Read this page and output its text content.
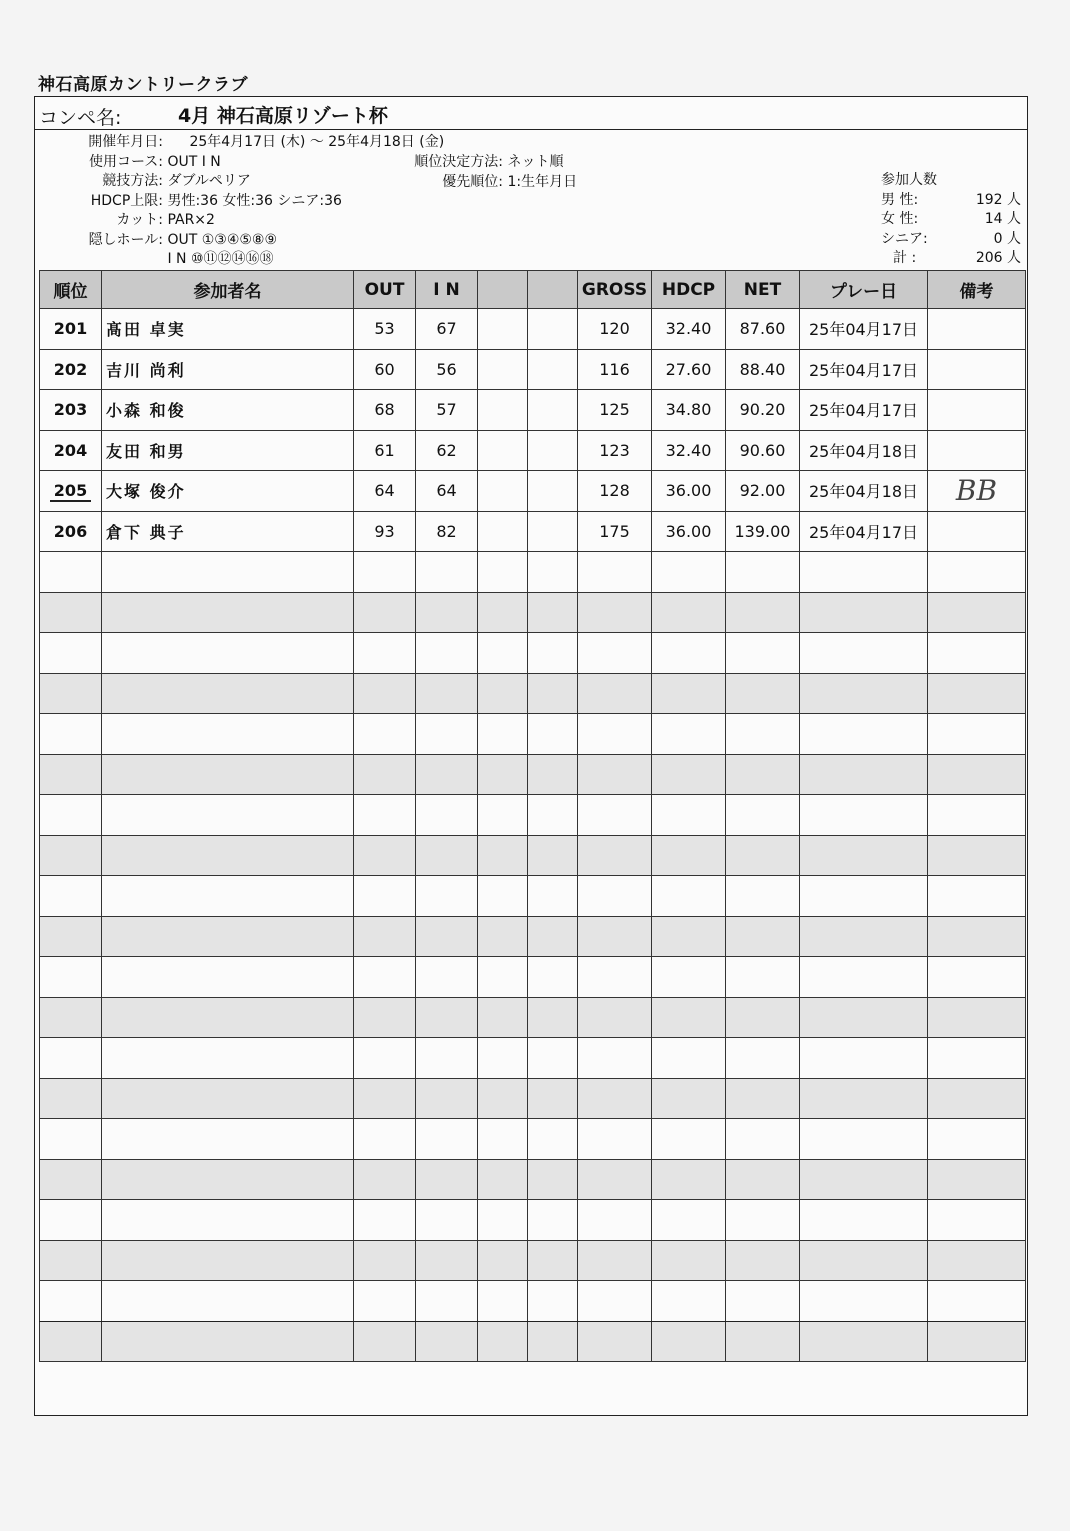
神石高原カントリークラブ
コンペ名:	4月 神石高原リゾート杯
開催年月日: 25年4月17日 (木) ～ 25年4月18日 (金)
使用コース: OUT I N
競技方法: ダブルペリア
HDCP上限: 男性:36 女性:36 シニア:36
カット: PAR×2
隠しホール: OUT ①③④⑤⑧⑨
I N ⑩⑪⑫⑭⑯⑱
順位決定方法: ネット順
優先順位: 1:生年月日	参加人数
男 性:	192 人
女 性:	14 人
シニア:	0 人
計 :	206 人
順位	参加者名	OUT	I N			GROSS	HDCP	NET	プレー日	備考
201	髙田 卓実	53	67			120	32.40	87.60	25年04月17日	
202	吉川 尚利	60	56			116	27.60	88.40	25年04月17日	
203	小森 和俊	68	57			125	34.80	90.20	25年04月17日	
204	友田 和男	61	62			123	32.40	90.60	25年04月18日	
205	大塚 俊介	64	64			128	36.00	92.00	25年04月18日	BB
206	倉下 典子	93	82			175	36.00	139.00	25年04月17日	
